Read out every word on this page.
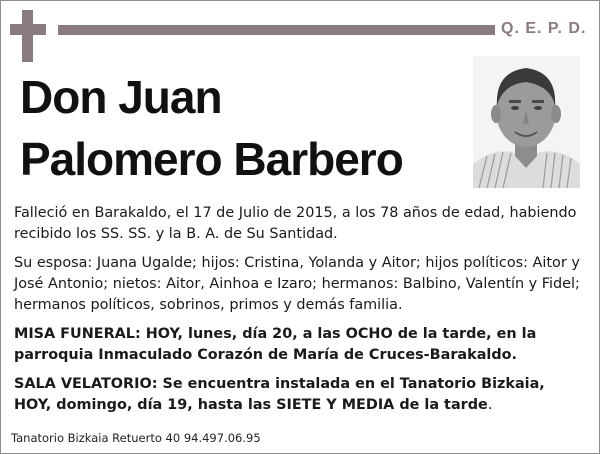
Q. E. P. D.
Don Juan
Palomero Barbero

Falleció en Barakaldo, el 17 de Julio de 2015, a los 78 años de edad, habiendo recibido los SS. SS. y la B. A. de Su Santidad.

Su esposa: Juana Ugalde; hijos: Cristina, Yolanda y Aitor; hijos políticos: Aitor y José Antonio; nietos: Aitor, Ainhoa e Izaro; hermanos: Balbino, Valentín y Fidel; hermanos políticos, sobrinos, primos y demás familia.

MISA FUNERAL: HOY, lunes, día 20, a las OCHO de la tarde, en la parroquia Inmaculado Corazón de María de Cruces-Barakaldo.

SALA VELATORIO: Se encuentra instalada en el Tanatorio Bizkaia, HOY, domingo, día 19, hasta las SIETE Y MEDIA de la tarde.

Tanatorio Bizkaia Retuerto 40 94.497.06.95
